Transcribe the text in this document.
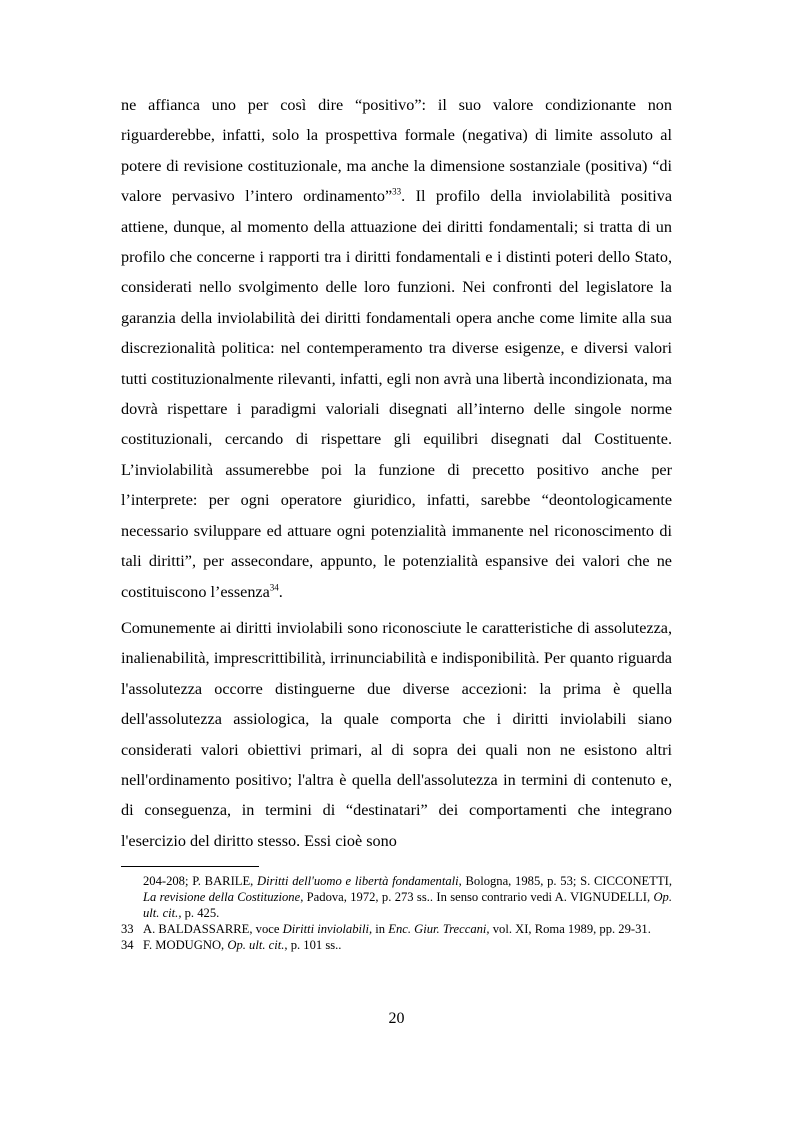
ne affianca uno per così dire “positivo”: il suo valore condizionante non riguarderebbe, infatti, solo la prospettiva formale (negativa) di limite assoluto al potere di revisione costituzionale, ma anche la dimensione sostanziale (positiva) “di valore pervasivo l’intero ordinamento”$^{33}$. Il profilo della inviolabilità positiva attiene, dunque, al momento della attuazione dei diritti fondamentali; si tratta di un profilo che concerne i rapporti tra i diritti fondamentali e i distinti poteri dello Stato, considerati nello svolgimento delle loro funzioni. Nei confronti del legislatore la garanzia della inviolabilità dei diritti fondamentali opera anche come limite alla sua discrezionalità politica: nel contemperamento tra diverse esigenze, e diversi valori tutti costituzionalmente rilevanti, infatti, egli non avrà una libertà incondizionata, ma dovrà rispettare i paradigmi valoriali disegnati all’interno delle singole norme costituzionali, cercando di rispettare gli equilibri disegnati dal Costituente. L’inviolabilità assumerebbe poi la funzione di precetto positivo anche per l’interprete: per ogni operatore giuridico, infatti, sarebbe “deontologicamente necessario sviluppare ed attuare ogni potenzialità immanente nel riconoscimento di tali diritti”, per assecondare, appunto, le potenzialità espansive dei valori che ne costituiscono l’essenza$^{34}$.

Comunemente ai diritti inviolabili sono riconosciute le caratteristiche di assolutezza, inalienabilità, imprescrittibilità, irrinunciabilità e indisponibilità. Per quanto riguarda l'assolutezza occorre distinguerne due diverse accezioni: la prima è quella dell'assolutezza assiologica, la quale comporta che i diritti inviolabili siano considerati valori obiettivi primari, al di sopra dei quali non ne esistono altri nell'ordinamento positivo; l'altra è quella dell'assolutezza in termini di contenuto e, di conseguenza, in termini di “destinatari” dei comportamenti che integrano l'esercizio del diritto stesso. Essi cioè sono

204-208; P. BARILE, Diritti dell'uomo e libertà fondamentali, Bologna, 1985, p. 53; S. CICCONETTI, La revisione della Costituzione, Padova, 1972, p. 273 ss.. In senso contrario vedi A. VIGNUDELLI, Op. ult. cit., p. 425.
33 A. BALDASSARRE, voce Diritti inviolabili, in Enc. Giur. Treccani, vol. XI, Roma 1989, pp. 29-31.
34 F. MODUGNO, Op. ult. cit., p. 101 ss..
20
